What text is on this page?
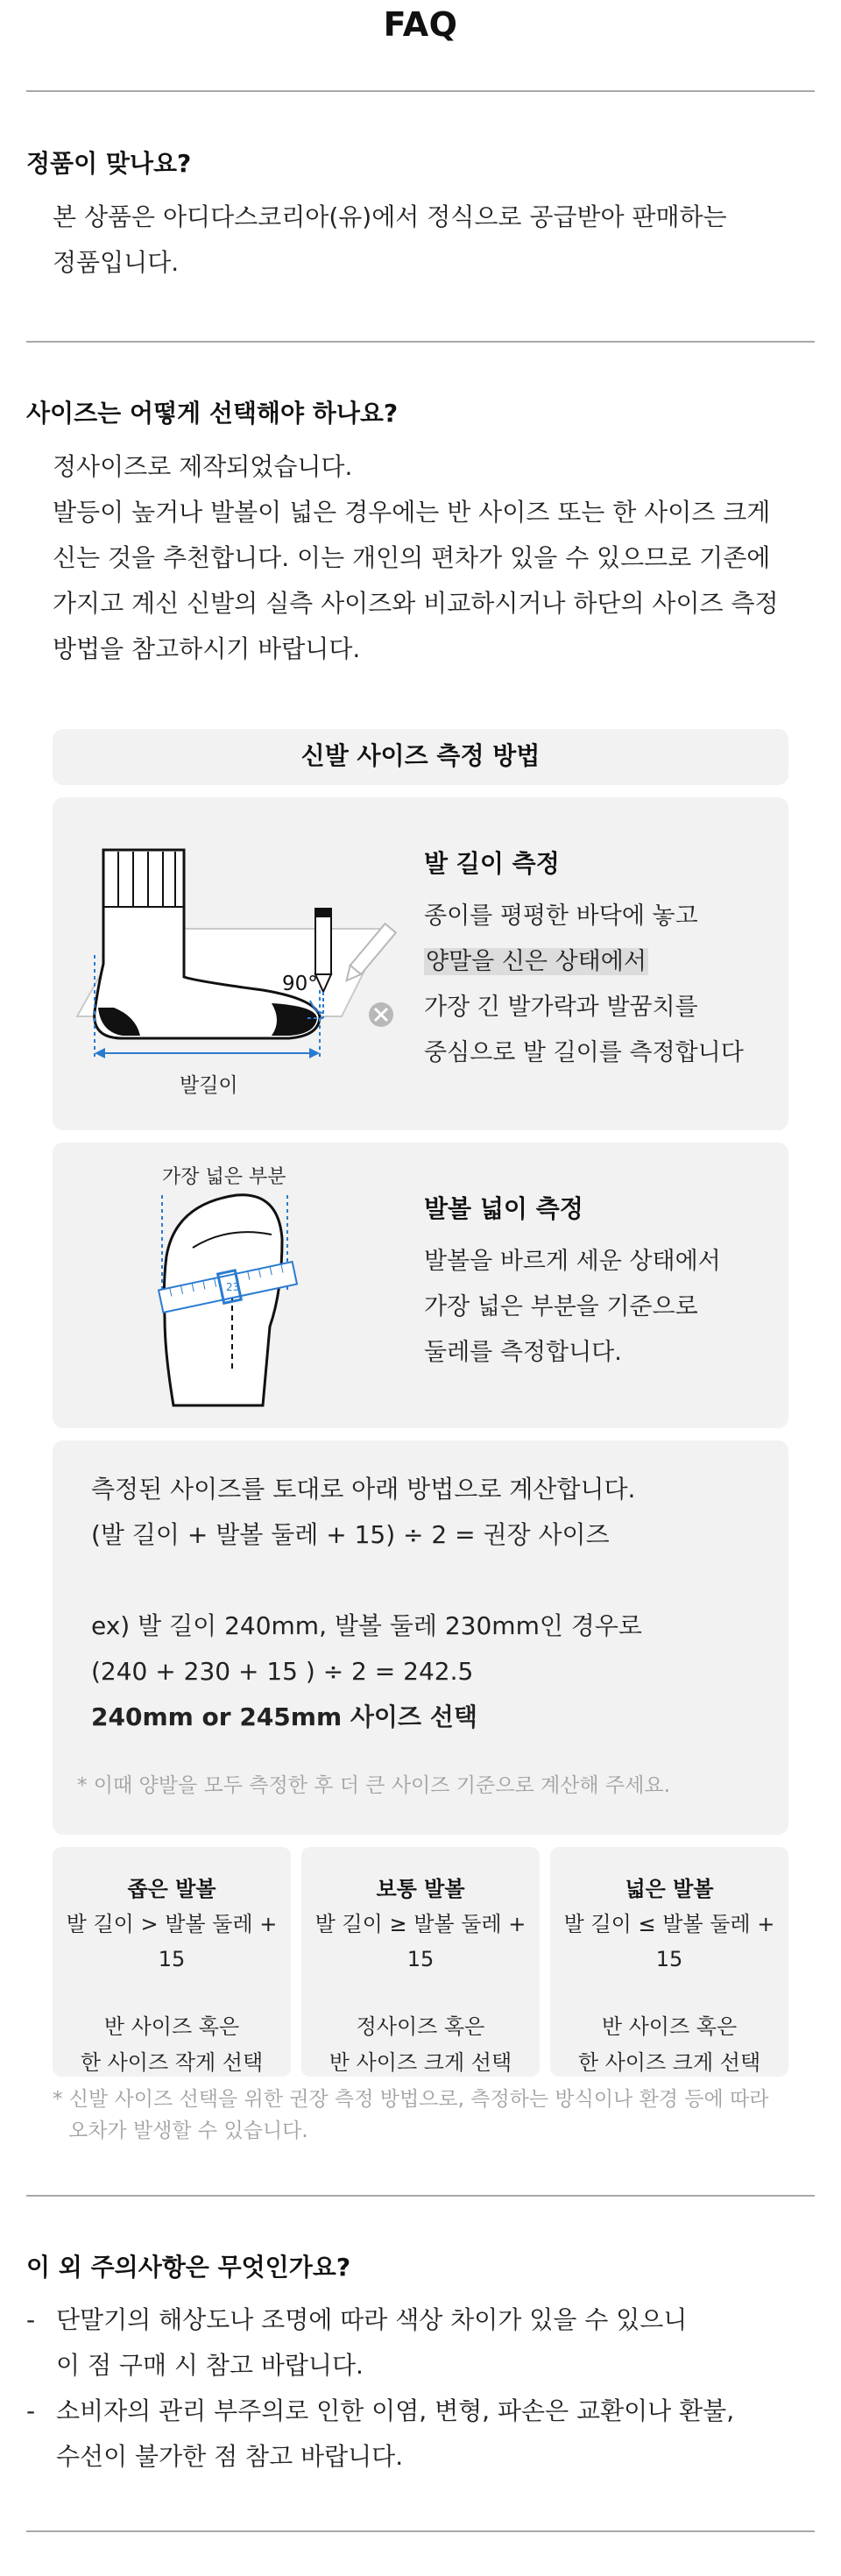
FAQ
정품이 맞나요?
본 상품은 아디다스코리아(유)에서 정식으로 공급받아 판매하는
정품입니다.
사이즈는 어떻게 선택해야 하나요?
정사이즈로 제작되었습니다.
발등이 높거나 발볼이 넓은 경우에는 반 사이즈 또는 한 사이즈 크게
신는 것을 추천합니다. 이는 개인의 편차가 있을 수 있으므로 기존에
가지고 계신 신발의 실측 사이즈와 비교하시거나 하단의 사이즈 측정
방법을 참고하시기 바랍니다.
신발 사이즈 측정 방법
90°
발길이
발 길이 측정
종이를 평평한 바닥에 놓고
양말을 신은 상태에서
가장 긴 발가락과 발꿈치를
중심으로 발 길이를 측정합니다
가장 넓은 부분
23
발볼 넓이 측정
발볼을 바르게 세운 상태에서
가장 넓은 부분을 기준으로
둘레를 측정합니다.
측정된 사이즈를 토대로 아래 방법으로 계산합니다.
(발 길이 + 발볼 둘레 + 15) ÷ 2 = 권장 사이즈
ex) 발 길이 240mm, 발볼 둘레 230mm인 경우로
(240 + 230 + 15 ) ÷ 2 = 242.5
240mm or 245mm 사이즈 선택
* 이때 양발을 모두 측정한 후 더 큰 사이즈 기준으로 계산해 주세요.
좁은 발볼
발 길이 > 발볼 둘레 + 15
반 사이즈 혹은
한 사이즈 작게 선택
보통 발볼
발 길이 ≥ 발볼 둘레 + 15
정사이즈 혹은
반 사이즈 크게 선택
넓은 발볼
발 길이 ≤ 발볼 둘레 + 15
반 사이즈 혹은
한 사이즈 크게 선택
* 신발 사이즈 선택을 위한 권장 측정 방법으로, 측정하는 방식이나 환경 등에 따라
오차가 발생할 수 있습니다.
이 외 주의사항은 무엇인가요?
- 단말기의 해상도나 조명에 따라 색상 차이가 있을 수 있으니
이 점 구매 시 참고 바랍니다.
- 소비자의 관리 부주의로 인한 이염, 변형, 파손은 교환이나 환불,
수선이 불가한 점 참고 바랍니다.
